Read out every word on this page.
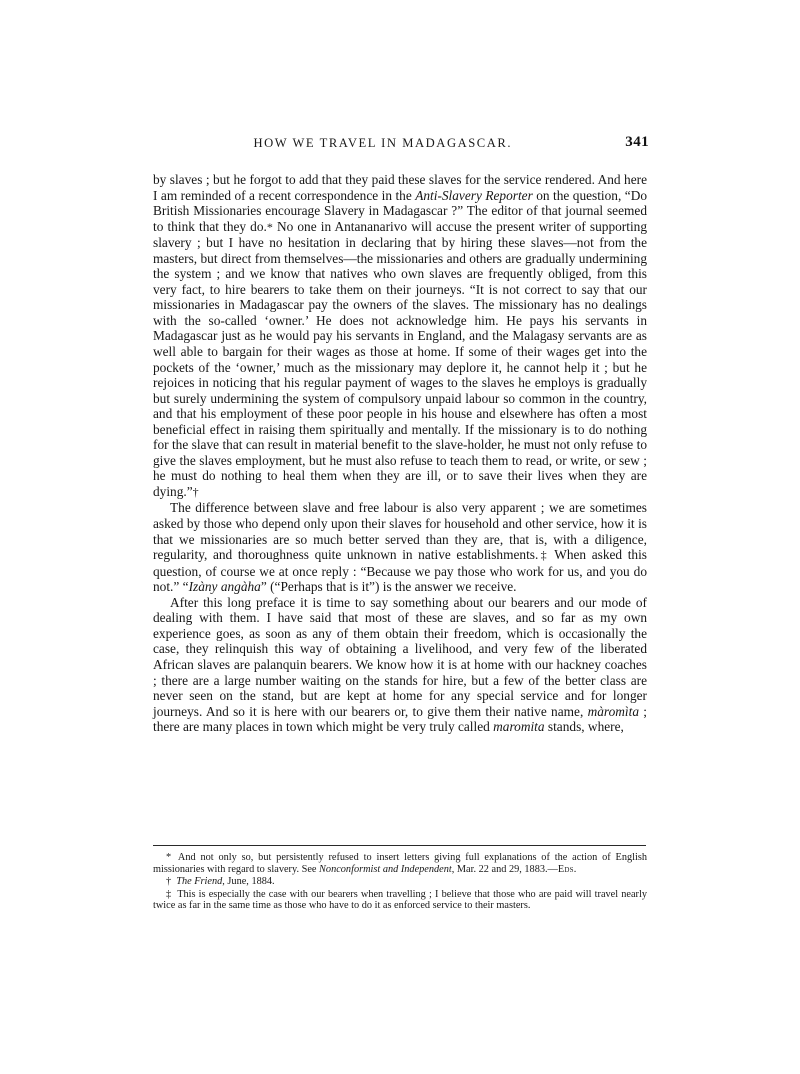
HOW WE TRAVEL IN MADAGASCAR.	341

by slaves ; but he forgot to add that they paid these slaves for the service rendered. And here I am reminded of a recent correspondence in the Anti-Slavery Reporter on the question, “Do British Missionaries encourage Slavery in Madagascar ?” The editor of that journal seemed to think that they do.* No one in Antananarivo will accuse the present writer of supporting slavery ; but I have no hesitation in declaring that by hiring these slaves—not from the masters, but direct from themselves—the missionaries and others are gradually undermining the system ; and we know that natives who own slaves are frequently obliged, from this very fact, to hire bearers to take them on their journeys. “It is not correct to say that our missionaries in Madagascar pay the owners of the slaves. The missionary has no dealings with the so-called ‘owner.’ He does not acknowledge him. He pays his servants in Madagascar just as he would pay his servants in England, and the Malagasy servants are as well able to bargain for their wages as those at home. If some of their wages get into the pockets of the ‘owner,’ much as the missionary may deplore it, he cannot help it ; but he rejoices in noticing that his regular payment of wages to the slaves he employs is gradually but surely undermining the system of compulsory unpaid labour so common in the country, and that his employment of these poor people in his house and elsewhere has often a most beneficial effect in raising them spiritually and mentally. If the missionary is to do nothing for the slave that can result in material benefit to the slave-holder, he must not only refuse to give the slaves employment, but he must also refuse to teach them to read, or write, or sew ; he must do nothing to heal them when they are ill, or to save their lives when they are dying.”†

The difference between slave and free labour is also very apparent ; we are sometimes asked by those who depend only upon their slaves for household and other service, how it is that we missionaries are so much better served than they are, that is, with a diligence, regularity, and thoroughness quite unknown in native establishments.‡ When asked this question, of course we at once reply : “Because we pay those who work for us, and you do not.” “Izàny angàha” (“Perhaps that is it”) is the answer we receive.

After this long preface it is time to say something about our bearers and our mode of dealing with them. I have said that most of these are slaves, and so far as my own experience goes, as soon as any of them obtain their freedom, which is occasionally the case, they relinquish this way of obtaining a livelihood, and very few of the liberated African slaves are palanquin bearers. We know how it is at home with our hackney coaches ; there are a large number waiting on the stands for hire, but a few of the better class are never seen on the stand, but are kept at home for any special service and for longer journeys. And so it is here with our bearers or, to give them their native name, màromìta ; there are many places in town which might be very truly called maromita stands, where,

* And not only so, but persistently refused to insert letters giving full explanations of the action of English missionaries with regard to slavery. See Nonconformist and Independent, Mar. 22 and 29, 1883.—Eds.

† The Friend, June, 1884.

‡ This is especially the case with our bearers when travelling ; I believe that those who are paid will travel nearly twice as far in the same time as those who have to do it as enforced service to their masters.
